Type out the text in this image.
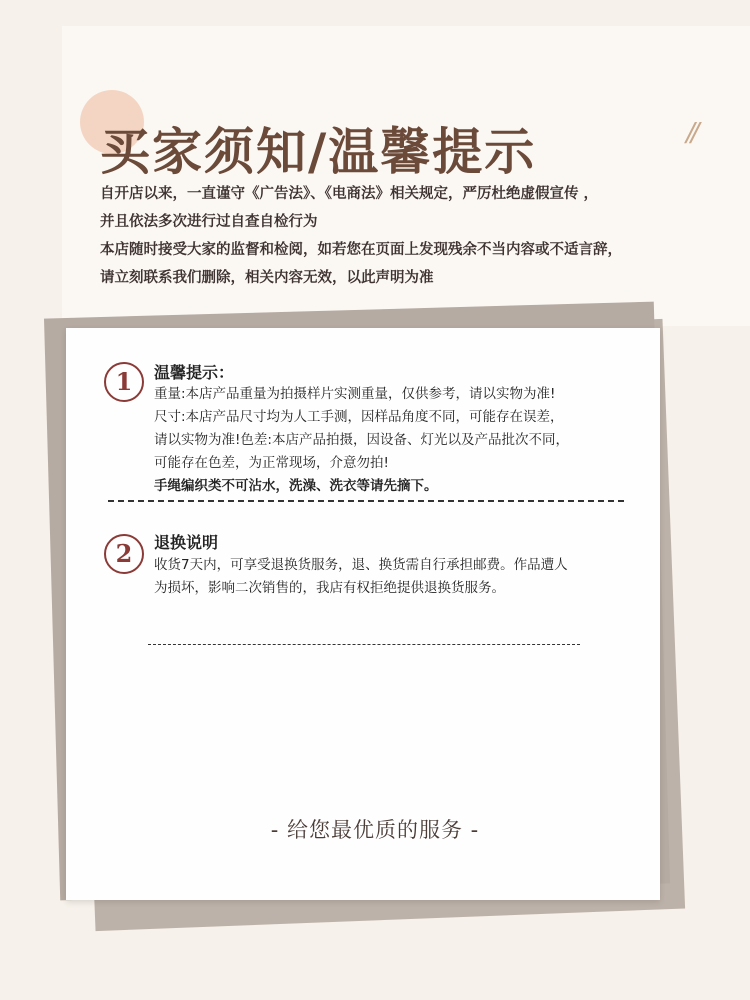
//
买家须知/温馨提示
自开店以来，一直谨守《广告法》、《电商法》相关规定，严厉杜绝虚假宣传 ，
并且依法多次进行过自查自检行为
本店随时接受大家的监督和检阅，如若您在页面上发现残余不当内容或不适言辞，
请立刻联系我们删除，相关内容无效，以此声明为准
1	温馨提示：
重量:本店产品重量为拍摄样片实测重量，仅供参考，请以实物为准!
尺寸:本店产品尺寸均为人工手测，因样品角度不同，可能存在误差，
请以实物为准!色差:本店产品拍摄，因设备、灯光以及产品批次不同，
可能存在色差，为正常现场，介意勿拍!
手绳编织类不可沾水，洗澡、洗衣等请先摘下。
2	退换说明
收货7天内，可享受退换货服务，退、换货需自行承担邮费。作品遭人
为损坏，影响二次销售的，我店有权拒绝提供退换货服务。
- 给您最优质的服务 -
